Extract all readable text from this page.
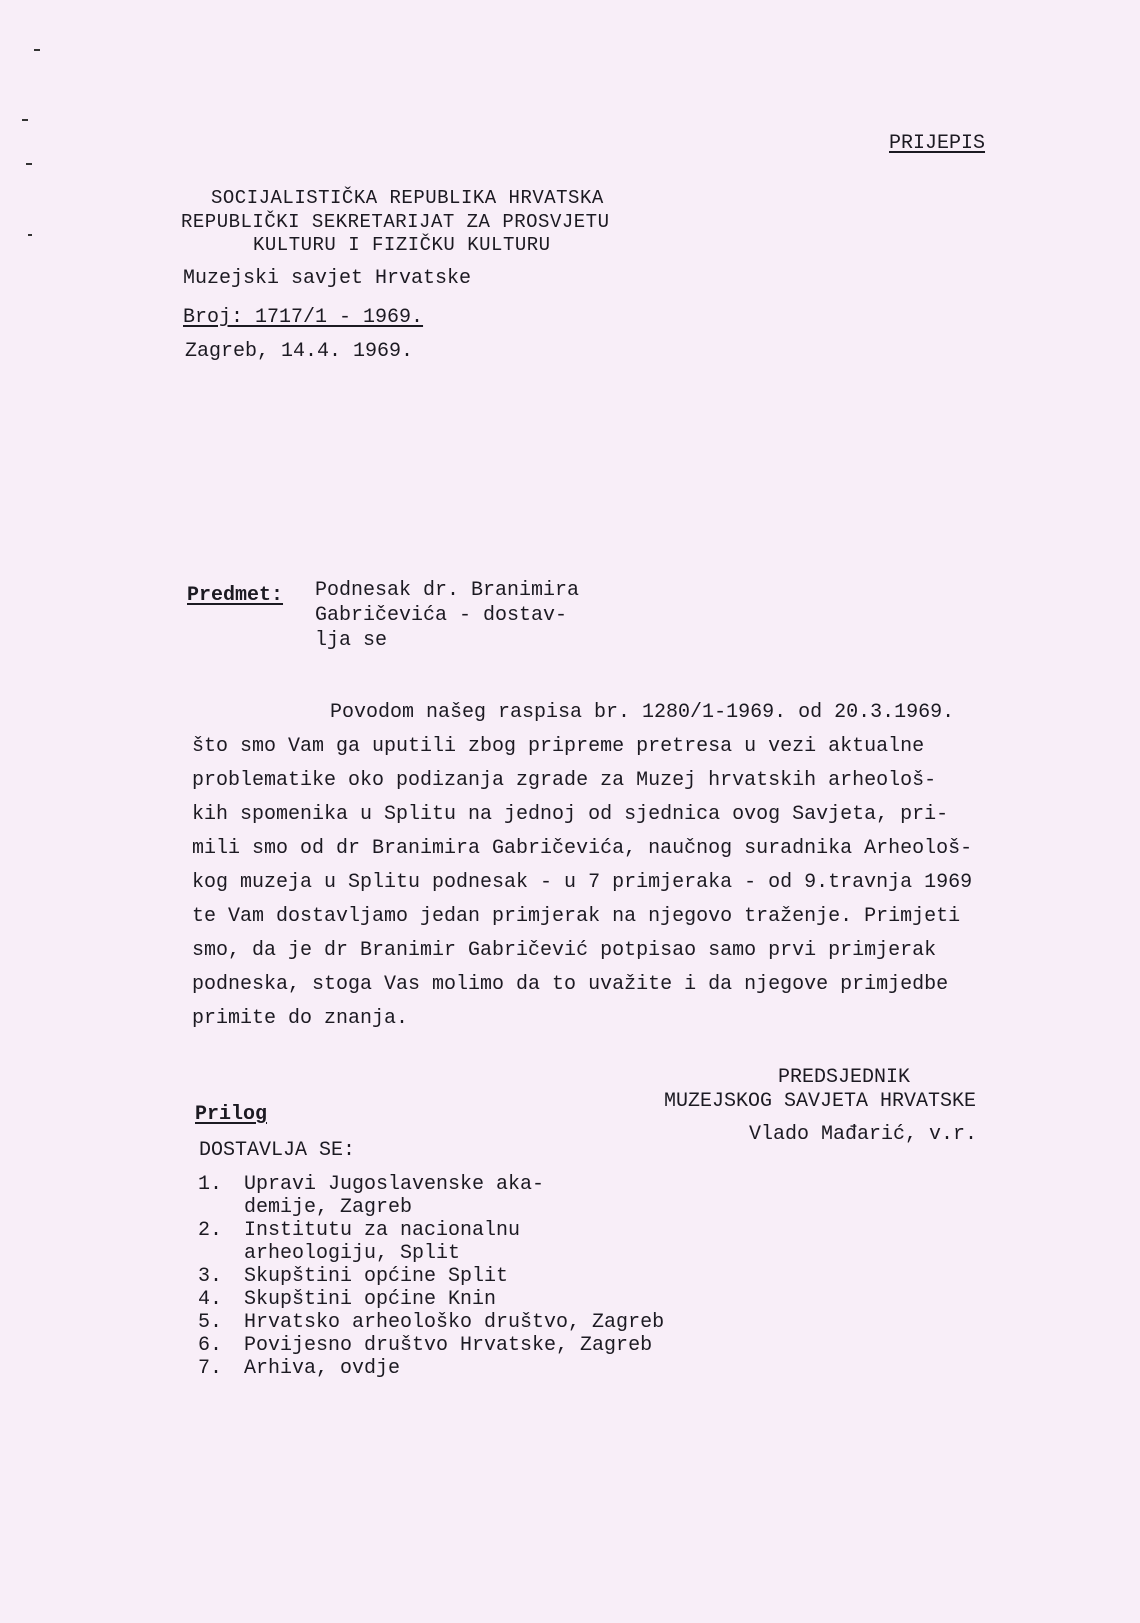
PRIJEPIS
SOCIJALISTIČKA REPUBLIKA HRVATSKA
REPUBLIČKI SEKRETARIJAT ZA PROSVJETU
KULTURU I FIZIČKU KULTURU
Muzejski savjet Hrvatske
Broj: 1717/1 - 1969.
Zagreb, 14.4. 1969.
Predmet: Podnesak dr. Branimira
Gabričevića - dostav-
lja se
Povodom našeg raspisa br. 1280/1-1969. od 20.3.1969.
što smo Vam ga uputili zbog pripreme pretresa u vezi aktualne
problematike oko podizanja zgrade za Muzej hrvatskih arheološ-
kih spomenika u Splitu na jednoj od sjednica ovog Savjeta, pri-
mili smo od dr Branimira Gabričevića, naučnog suradnika Arheološ-
kog muzeja u Splitu podnesak - u 7 primjeraka - od 9.travnja 1969
te Vam dostavljamo jedan primjerak na njegovo traženje. Primjeti
smo, da je dr Branimir Gabričević potpisao samo prvi primjerak
podneska, stoga Vas molimo da to uvažite i da njegove primjedbe
primite do znanja.
PREDSJEDNIK
MUZEJSKOG SAVJETA HRVATSKE
Vlado Mađarić, v.r.
Prilog
DOSTAVLJA SE:
1.	Upravi Jugoslavenske aka-
demije, Zagreb
2.	Institutu za nacionalnu
arheologiju, Split
3.	Skupštini općine Split
4.	Skupštini općine Knin
5.	Hrvatsko arheološko društvo, Zagreb
6.	Povijesno društvo Hrvatske, Zagreb
7.	Arhiva, ovdje
